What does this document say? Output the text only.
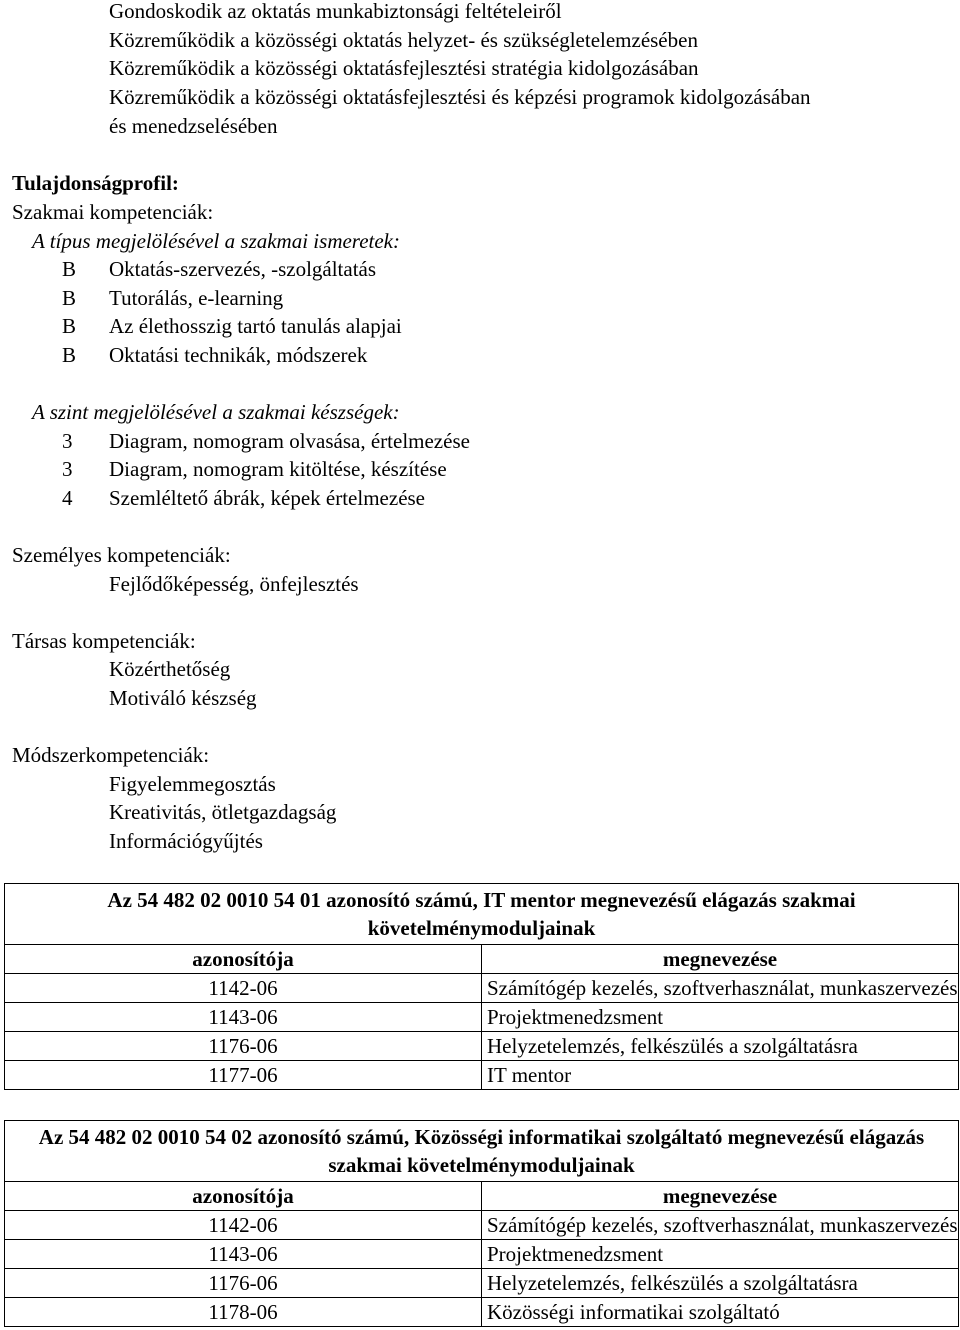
Gondoskodik az oktatás munkabiztonsági feltételeiről
Közreműködik a közösségi oktatás helyzet- és szükségletelemzésében
Közreműködik a közösségi oktatásfejlesztési stratégia kidolgozásában
Közreműködik a közösségi oktatásfejlesztési és képzési programok kidolgozásában
és menedzselésében
Tulajdonságprofil:
Szakmai kompetenciák:
A típus megjelölésével a szakmai ismeretek:
B	Oktatás-szervezés, -szolgáltatás
B	Tutorálás, e-learning
B	Az élethosszig tartó tanulás alapjai
B	Oktatási technikák, módszerek
A szint megjelölésével a szakmai készségek:
3	Diagram, nomogram olvasása, értelmezése
3	Diagram, nomogram kitöltése, készítése
4	Szemléltető ábrák, képek értelmezése
Személyes kompetenciák:
Fejlődőképesség, önfejlesztés
Társas kompetenciák:
Közérthetőség
Motiváló készség
Módszerkompetenciák:
Figyelemmegosztás
Kreativitás, ötletgazdagság
Információgyűjtés
Az 54 482 02 0010 54 01 azonosító számú, IT mentor megnevezésű elágazás szakmai követelménymoduljainak	
azonosítója	megnevezése
1142-06	Számítógép kezelés, szoftverhasználat, munkaszervezés
1143-06	Projektmenedzsment
1176-06	Helyzetelemzés, felkészülés a szolgáltatásra
1177-06	IT mentor
Az 54 482 02 0010 54 02 azonosító számú, Közösségi informatikai szolgáltató megnevezésű elágazás szakmai követelménymoduljainak	
azonosítója	megnevezése
1142-06	Számítógép kezelés, szoftverhasználat, munkaszervezés
1143-06	Projektmenedzsment
1176-06	Helyzetelemzés, felkészülés a szolgáltatásra
1178-06	Közösségi informatikai szolgáltató
